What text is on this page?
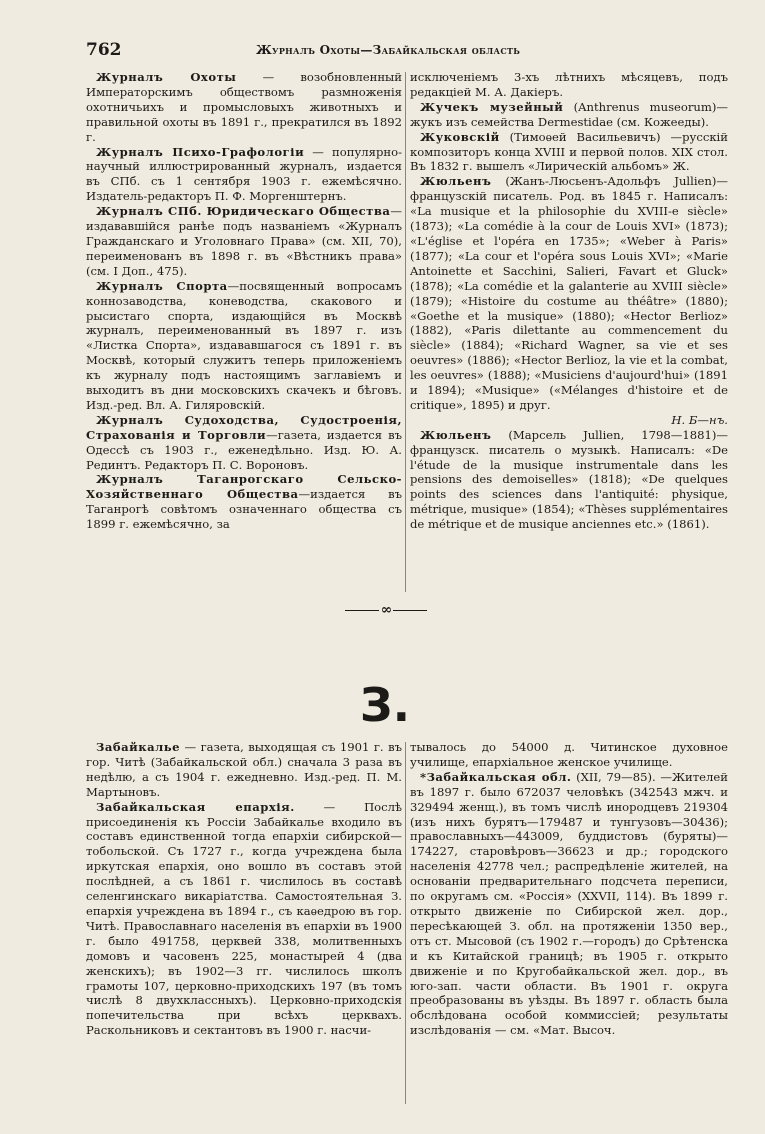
762	Журналъ Охоты—Забайкальская область

Журналъ Охоты — возобновленный Императорскимъ обществомъ размноженія охотничьихъ и промысловыхъ животныхъ и правильной охоты въ 1891 г., прекратился въ 1892 г.

Журналъ Психо-Графологіи — популярно-научный иллюстрированный журналъ, издается въ СПб. съ 1 сентября 1903 г. ежемѣсячно. Издатель-редакторъ П. Ф. Моргенштернъ.

Журналъ СПб. Юридическаго Общества—издававшійся ранѣе подъ названіемъ «Журналъ Гражданскаго и Уголовнаго Права» (см. XII, 70), переименованъ въ 1898 г. въ «Вѣстникъ права» (см. I Доп., 475).

Журналъ Спорта—посвященный вопросамъ коннозаводства, коневодства, скакового и рысистаго спорта, издающійся въ Москвѣ журналъ, переименованный въ 1897 г. изъ «Листка Спорта», издававшагося съ 1891 г. въ Москвѣ, который служитъ теперь приложеніемъ къ журналу подъ настоящимъ заглавіемъ и выходитъ въ дни московскихъ скачекъ и бѣговъ. Изд.-ред. Вл. А. Гиляровскій.

Журналъ Судоходства, Судостроенія, Страхованія и Торговли—газета, издается въ Одессѣ съ 1903 г., еженедѣльно. Изд. Ю. А. Рединтъ. Редакторъ П. С. Вороновъ.

Журналъ Таганрогскаго Сельско-Хозяйственнаго Общества—издается въ Таганрогѣ совѣтомъ означеннаго общества съ 1899 г. ежемѣсячно, за

исключеніемъ 3-хъ лѣтнихъ мѣсяцевъ, подъ редакціей М. А. Дакіеръ.

Жучекъ музейный (Anthrenus museorum)—жукъ изъ семейства Dermestidae (см. Кожееды).

Жуковскій (Тимоѳей Васильевичъ) —русскій композиторъ конца XVIII и первой полов. XIX стол. Въ 1832 г. вышелъ «Лирическій альбомъ» Ж.

Жюльенъ (Жанъ-Люсьенъ-Адольфъ Jullien)—французскій писатель. Род. въ 1845 г. Написалъ: «La musique et la philosophie du XVIII-e siècle» (1873); «La comédie à la cour de Louis XVI» (1873); «L'église et l'opéra en 1735»; «Weber à Paris» (1877); «La cour et l'opéra sous Louis XVI»; «Marie Antoinette et Sacchini, Salieri, Favart et Gluck» (1878); «La comédie et la galanterie au XVIII siècle» (1879); «Histoire du costume au théâtre» (1880); «Goethe et la musique» (1880); «Hector Berlioz» (1882), «Paris dilettante au commencement du siècle» (1884); «Richard Wagner, sa vie et ses oeuvres» (1886); «Hector Berlioz, la vie et la combat, les oeuvres» (1888); «Musiciens d'aujourd'hui» (1891 и 1894); «Musique» («Mélanges d'histoire et de critique», 1895) и друг.

Н. Б—нъ.

Жюльенъ (Марсель Jullien, 1798—1881)—французск. писатель о музыкѣ. Написалъ: «De l'étude de la musique instrumentale dans les pensions des demoiselles» (1818); «De quelques points des sciences dans l'antiquité: physique, métrique, musique» (1854); «Thèses supplémentaires de métrique et de musique anciennes etc.» (1861).

∞
З.

Забайкалье — газета, выходящая съ 1901 г. въ гор. Читѣ (Забайкальской обл.) сначала 3 раза въ недѣлю, а съ 1904 г. ежедневно. Изд.-ред. П. М. Мартыновъ.

Забайкальская епархія. — Послѣ присоединенія къ Россіи Забайкалье входило въ составъ единственной тогда епархіи сибирской—тобольской. Съ 1727 г., когда учреждена была иркутская епархія, оно вошло въ составъ этой послѣдней, а съ 1861 г. числилось въ составѣ селенгинскаго викаріатства. Самостоятельная З. епархія учреждена въ 1894 г., съ каѳедрою въ гор. Читѣ. Православнаго населенія въ епархіи въ 1900 г. было 491758, церквей 338, молитвенныхъ домовъ и часовенъ 225, монастырей 4 (два женскихъ); въ 1902—3 гг. числилось школъ грамоты 107, церковно-приходскихъ 197 (въ томъ числѣ 8 двухклассныхъ). Церковно-приходскія попечительства при всѣхъ церквахъ. Раскольниковъ и сектантовъ въ 1900 г. насчи-

тывалось до 54000 д. Читинское духовное училище, епархіальное женское училище.

*Забайкальская обл. (XII, 79—85). —Жителей въ 1897 г. было 672037 человѣкъ (342543 мжч. и 329494 женщ.), въ томъ числѣ инородцевъ 219304 (изъ нихъ бурятъ—179487 и тунгузовъ—30436); православныхъ—443009, буддистовъ (буряты)—174227, старовѣровъ—36623 и др.; городского населенія 42778 чел.; распредѣленіе жителей, на основаніи предварительнаго подсчета переписи, по округамъ см. «Россія» (XXVII, 114). Въ 1899 г. открыто движеніе по Сибирской жел. дор., пересѣкающей З. обл. на протяженіи 1350 вер., отъ ст. Мысовой (съ 1902 г.—городъ) до Срѣтенска и къ Китайской границѣ; въ 1905 г. открыто движеніе и по Кругобайкальской жел. дор., въ юго-зап. части области. Въ 1901 г. округа преобразованы въ уѣзды. Въ 1897 г. область была обслѣдована особой коммиссіей; результаты изслѣдованія — см. «Мат. Высоч.
